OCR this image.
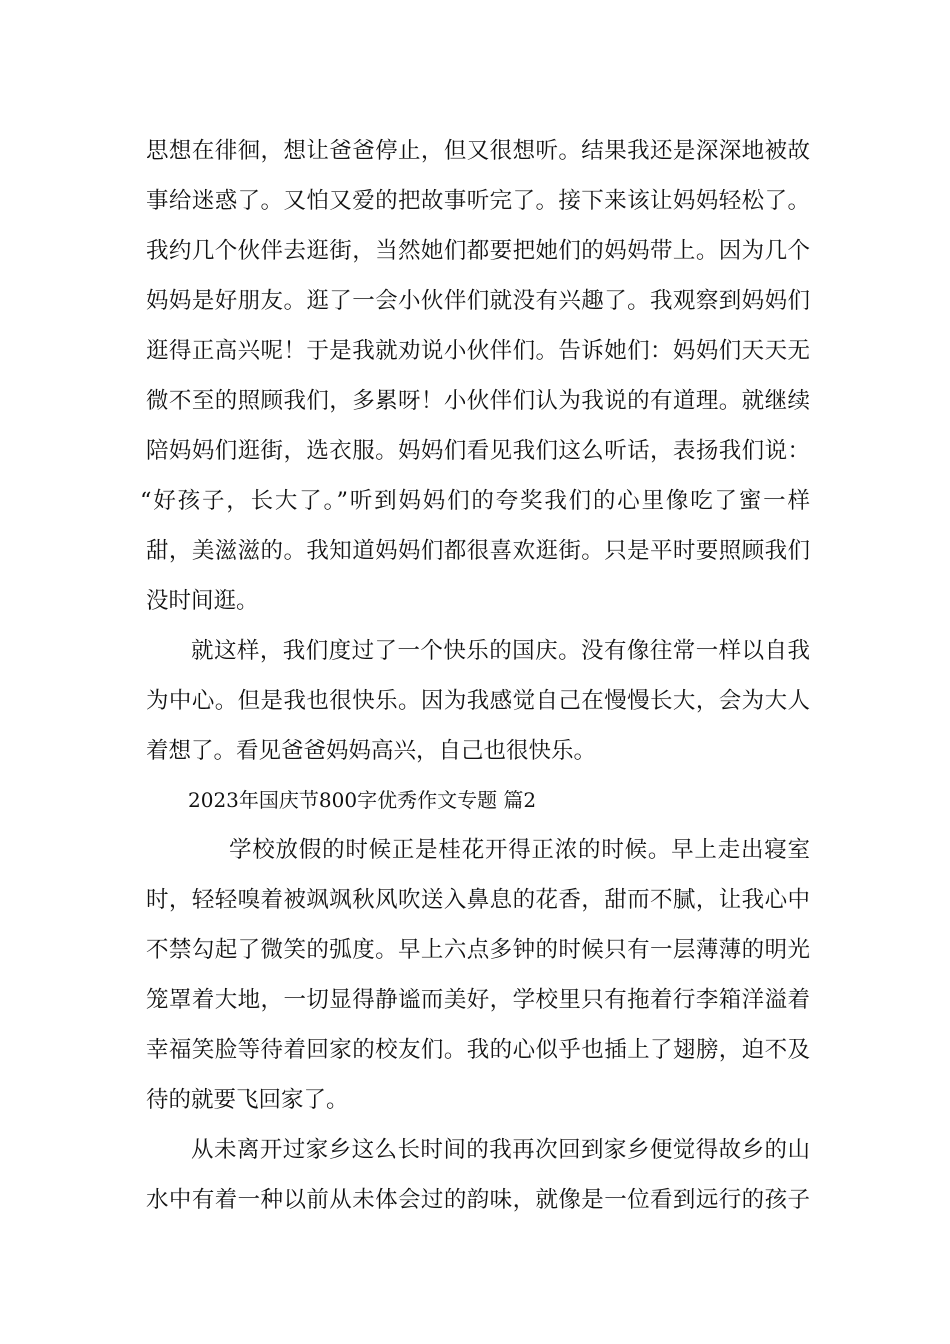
思想在徘徊，想让爸爸停止，但又很想听。结果我还是深深地被故
事给迷惑了。又怕又爱的把故事听完了。接下来该让妈妈轻松了。
我约几个伙伴去逛街，当然她们都要把她们的妈妈带上。因为几个
妈妈是好朋友。逛了一会小伙伴们就没有兴趣了。我观察到妈妈们
逛得正高兴呢！于是我就劝说小伙伴们。告诉她们：妈妈们天天无
微不至的照顾我们，多累呀！小伙伴们认为我说的有道理。就继续
陪妈妈们逛街，选衣服。妈妈们看见我们这么听话，表扬我们说：
“好孩子，长大了。”听到妈妈们的夸奖我们的心里像吃了蜜一样
甜，美滋滋的。我知道妈妈们都很喜欢逛街。只是平时要照顾我们
没时间逛。
就这样，我们度过了一个快乐的国庆。没有像往常一样以自我
为中心。但是我也很快乐。因为我感觉自己在慢慢长大，会为大人
着想了。看见爸爸妈妈高兴，自己也很快乐。
2023年国庆节800字优秀作文专题 篇2
学校放假的时候正是桂花开得正浓的时候。早上走出寝室
时，轻轻嗅着被飒飒秋风吹送入鼻息的花香，甜而不腻，让我心中
不禁勾起了微笑的弧度。早上六点多钟的时候只有一层薄薄的明光
笼罩着大地，一切显得静谧而美好，学校里只有拖着行李箱洋溢着
幸福笑脸等待着回家的校友们。我的心似乎也插上了翅膀，迫不及
待的就要飞回家了。
从未离开过家乡这么长时间的我再次回到家乡便觉得故乡的山
水中有着一种以前从未体会过的韵味，就像是一位看到远行的孩子
